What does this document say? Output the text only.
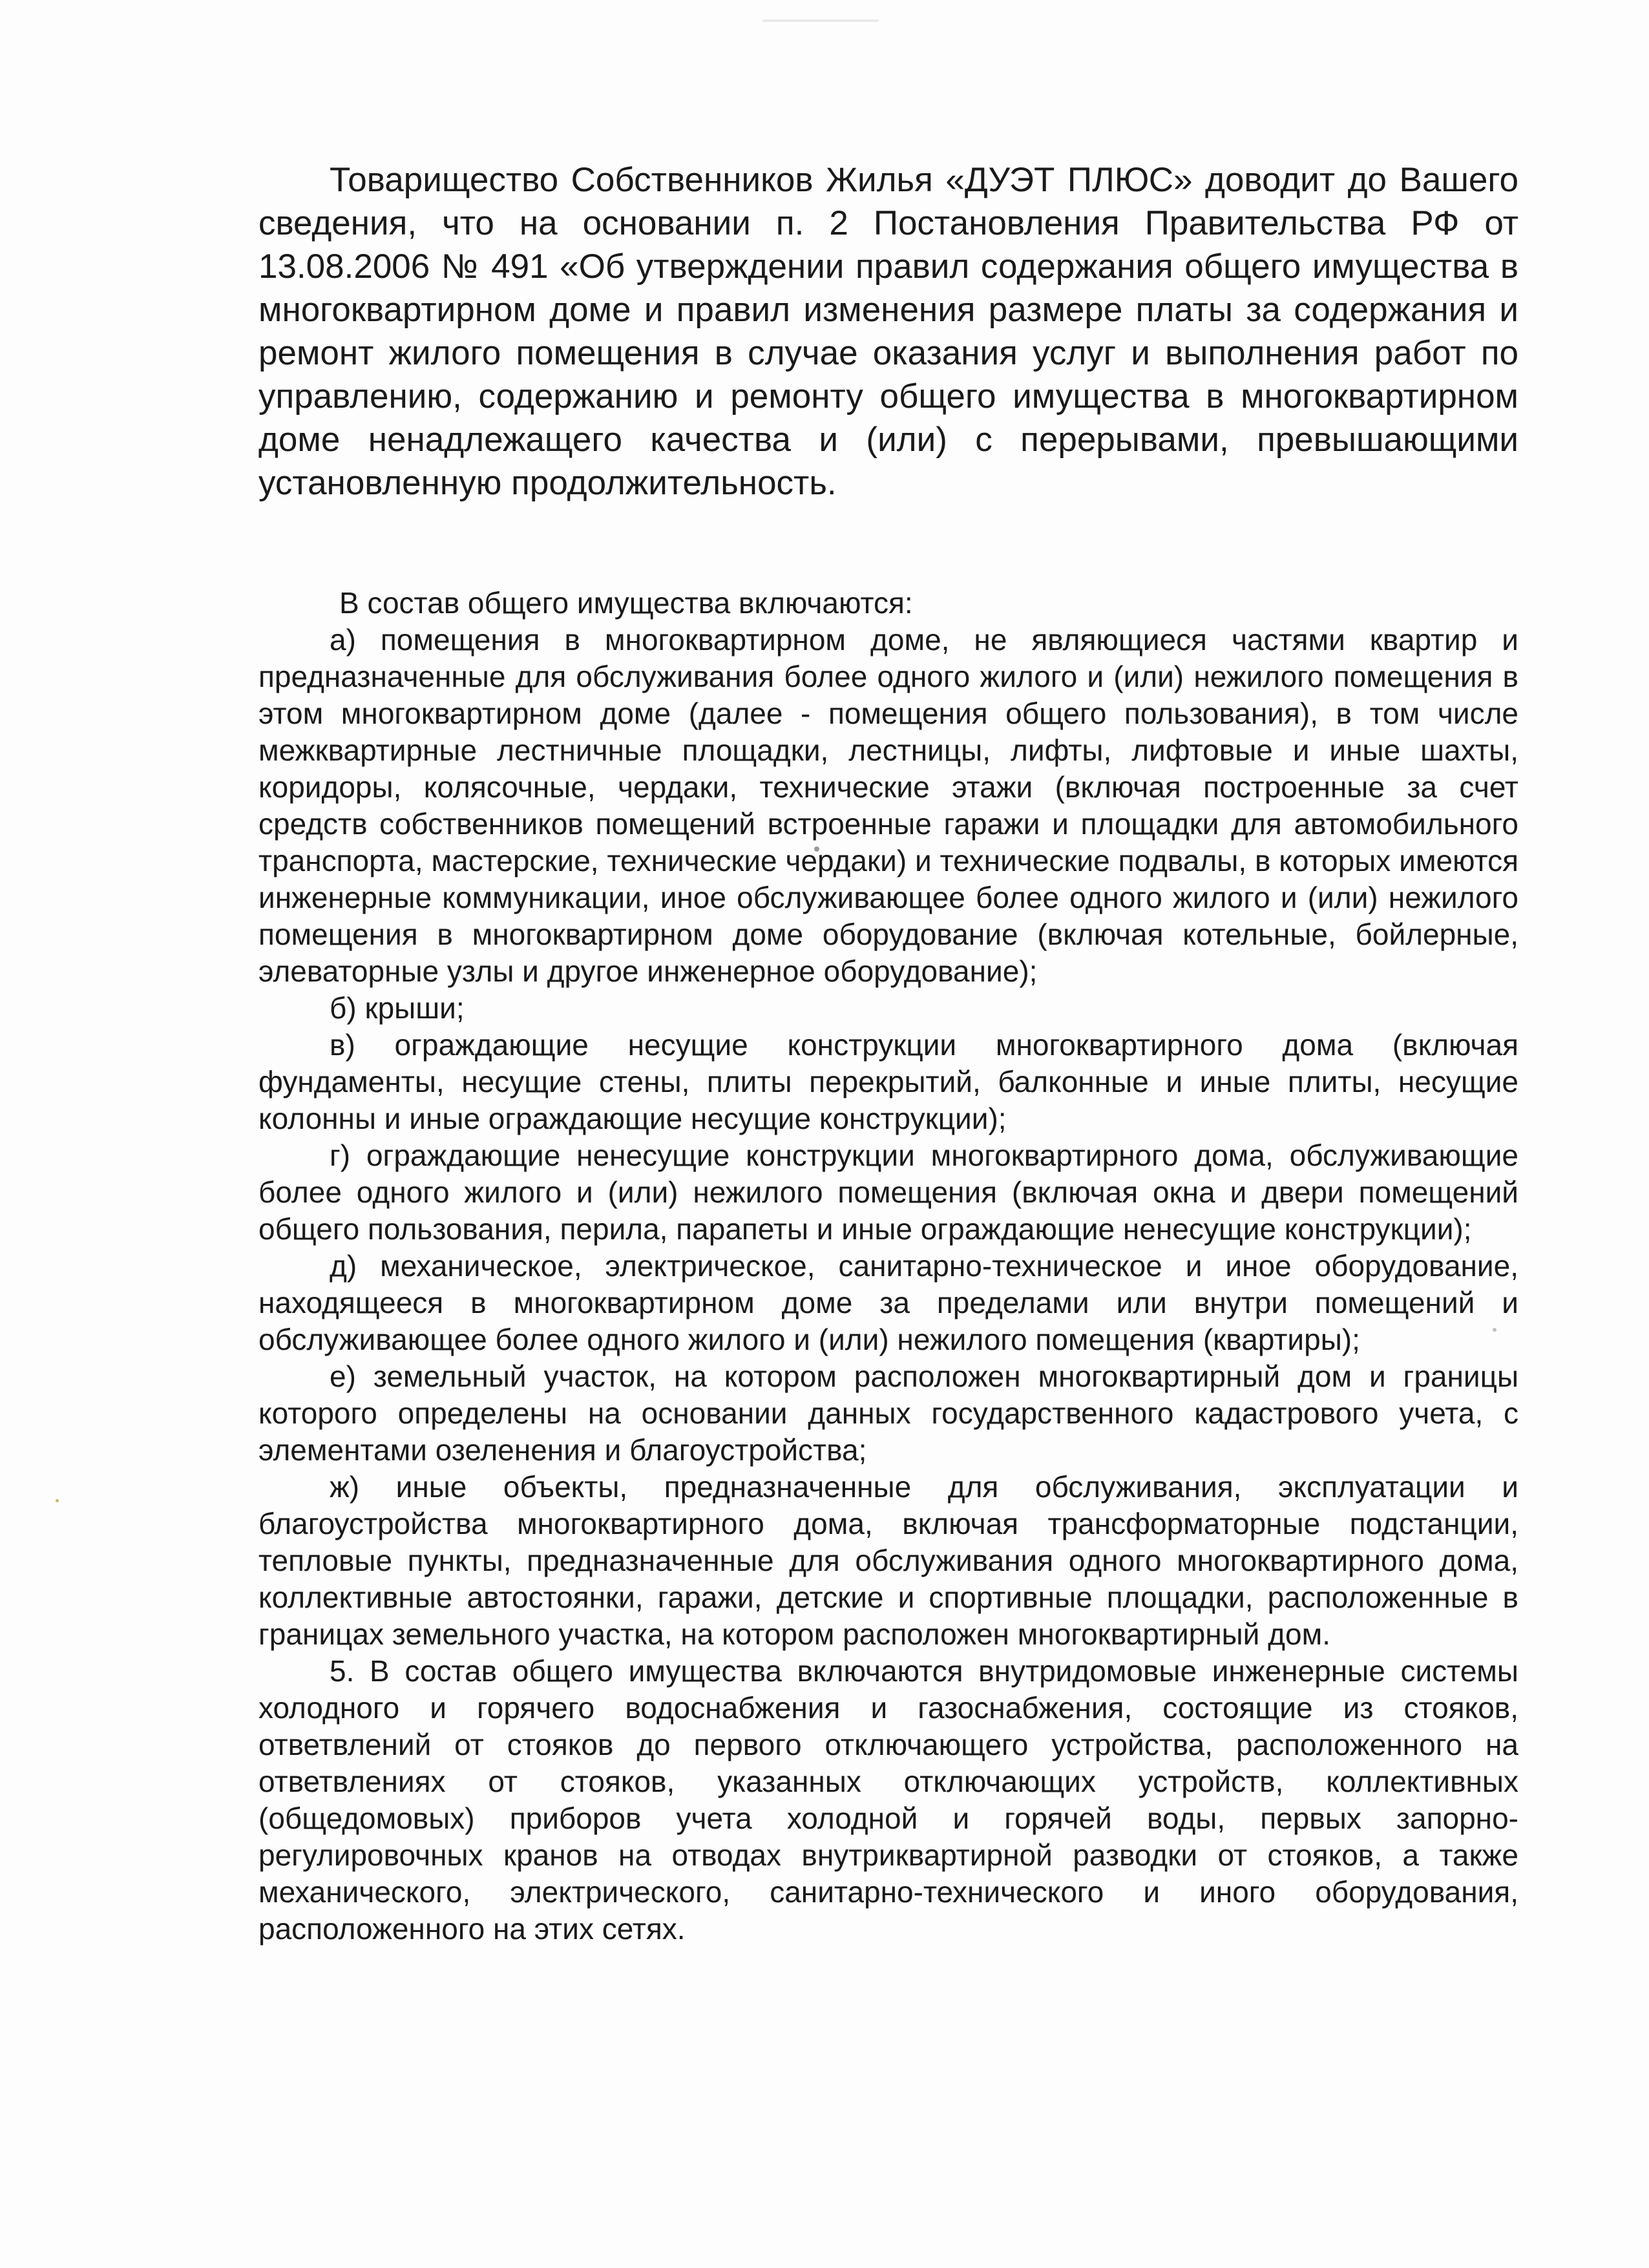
Товарищество Собственников Жилья «ДУЭТ ПЛЮС» доводит до Вашего сведения, что на основании п. 2 Постановления Правительства РФ от 13.08.2006 № 491 «Об утверждении правил содержания общего имущества в многоквартирном доме и правил изменения размере платы за содержания и ремонт жилого помещения в случае оказания услуг и выполнения работ по управлению, содержанию и ремонту общего имущества в многоквартирном доме ненадлежащего качества и (или) с перерывами, превышающими установленную продолжительность.

В состав общего имущества включаются:

а) помещения в многоквартирном доме, не являющиеся частями квартир и предназначенные для обслуживания более одного жилого и (или) нежилого помещения в этом многоквартирном доме (далее - помещения общего пользования), в том числе межквартирные лестничные площадки, лестницы, лифты, лифтовые и иные шахты, коридоры, колясочные, чердаки, технические этажи (включая построенные за счет средств собственников помещений встроенные гаражи и площадки для автомобильного транспорта, мастерские, технические чердаки) и технические подвалы, в которых имеются инженерные коммуникации, иное обслуживающее более одного жилого и (или) нежилого помещения в многоквартирном доме оборудование (включая котельные, бойлерные, элеваторные узлы и другое инженерное оборудование);

б) крыши;

в) ограждающие несущие конструкции многоквартирного дома (включая фундаменты, несущие стены, плиты перекрытий, балконные и иные плиты, несущие колонны и иные ограждающие несущие конструкции);

г) ограждающие ненесущие конструкции многоквартирного дома, обслуживающие более одного жилого и (или) нежилого помещения (включая окна и двери помещений общего пользования, перила, парапеты и иные ограждающие ненесущие конструкции);

д) механическое, электрическое, санитарно-техническое и иное оборудование, находящееся в многоквартирном доме за пределами или внутри помещений и обслуживающее более одного жилого и (или) нежилого помещения (квартиры);

е) земельный участок, на котором расположен многоквартирный дом и границы которого определены на основании данных государственного кадастрового учета, с элементами озеленения и благоустройства;

ж) иные объекты, предназначенные для обслуживания, эксплуатации и благоустройства многоквартирного дома, включая трансформаторные подстанции, тепловые пункты, предназначенные для обслуживания одного многоквартирного дома, коллективные автостоянки, гаражи, детские и спортивные площадки, расположенные в границах земельного участка, на котором расположен многоквартирный дом.

5. В состав общего имущества включаются внутридомовые инженерные системы холодного и горячего водоснабжения и газоснабжения, состоящие из стояков, ответвлений от стояков до первого отключающего устройства, расположенного на ответвлениях от стояков, указанных отключающих устройств, коллективных (общедомовых) приборов учета холодной и горячей воды, первых запорно-регулировочных кранов на отводах внутриквартирной разводки от стояков, а также механического, электрического, санитарно-технического и иного оборудования, расположенного на этих сетях.
